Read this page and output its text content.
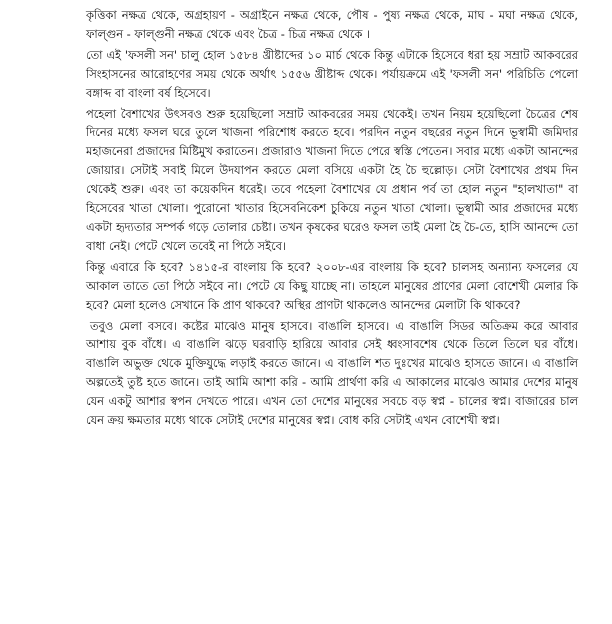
কৃত্তিকা নক্ষত্র থেকে, অগ্রহায়ণ - অগ্রাইনে নক্ষত্র থেকে, পৌষ - পুষ্য নক্ষত্র থেকে, মাঘ - মঘা নক্ষত্র থেকে, ফাল্গুন - ফাল্গুনী নক্ষত্র থেকে এবং চৈত্র - চিত্র নক্ষত্র থেকে ।

তো এই 'ফসলী সন' চালু হোল ১৫৮৪ খ্রীষ্টাব্দের ১০ মার্চ থেকে কিন্তু এটাকে হিসেবে ধরা হয় সম্রাট আকবরের সিংহাসনের আরোহণের সময় থেকে অর্থাৎ ১৫৫৬ খ্রীষ্টাব্দ থেকে। পর্যায়ক্রমে এই 'ফসলী সন' পরিচিতি পেলো বঙ্গাব্দ বা বাংলা বর্ষ হিসেবে।

পহেলা বৈশাখের উৎসবও শুরু হয়েছিলো সম্রাট আকবরের সময় থেকেই। তখন নিয়ম হয়েছিলো চৈত্রের শেষ দিনের মধ্যে ফসল ঘরে তুলে খাজনা পরিশোধ করতে হবে। পরদিন নতুন বছরের নতুন দিনে ভূস্বামী জমিদার মহাজনেরা প্রজাদের মিষ্টিমুখ করাতেন। প্রজারাও খাজনা দিতে পেরে স্বস্তি পেতেন। সবার মধ্যে একটা আনন্দের জোয়ার। সেটাই সবাই মিলে উদযাপন করতে মেলা বসিয়ে একটা হৈ চৈ হুল্লোড়। সেটা বৈশাখের প্রথম দিন থেকেই শুরু। এবং তা কয়েকদিন ধরেই। তবে পহেলা বৈশাখের যে প্রধান পর্ব তা হোল নতুন "হালখাতা" বা হিসেবের খাতা খোলা। পুরোনো খাতার হিসেবনিকেশ চুকিয়ে নতুন খাতা খোলা। ভূস্বামী আর প্রজাদের মধ্যে একটা হৃদ্যতার সম্পর্ক গড়ে তোলার চেষ্টা। তখন কৃষকের ঘরেও ফসল তাই মেলা হৈ চৈ-তে, হাসি আনন্দে তো বাধা নেই। পেটে খেলে তবেই না পিঠে সইবে।

কিন্তু এবারে কি হবে? ১৪১৫-র বাংলায় কি হবে? ২০০৮-এর বাংলায় কি হবে? চালসহ অন্যান্য ফসলের যে আকাল তাতে তো পিঠে সইবে না। পেটে যে কিছু যাচ্ছে না। তাহলে মানুষের প্রাণের মেলা বোশেখী মেলার কি হবে? মেলা হলেও সেখানে কি প্রাণ থাকবে? অস্থির প্রাণটা থাকলেও আনন্দের মেলাটা কি থাকবে?

তবুও মেলা বসবে। কষ্টের মাঝেও মানুষ হাসবে। বাঙালি হাসবে। এ বাঙালি সিডর অতিক্রম করে আবার আশায় বুক বাঁধে। এ বাঙালি ঝড়ে ঘরবাড়ি হারিয়ে আবার সেই ধ্বংসাবশেষ থেকে তিলে তিলে ঘর বাঁধে। বাঙালি অভুক্ত থেকে মুক্তিযুদ্ধে লড়াই করতে জানে। এ বাঙালি শত দুঃখের মাঝেও হাসতে জানে। এ বাঙালি অল্পতেই তুষ্ট হতে জানে। তাই আমি আশা করি - আমি প্রার্থণা করি এ আকালের মাঝেও আমার দেশের মানুষ যেন একটু আশার স্বপন দেখতে পারে। এখন তো দেশের মানুষের সবচে বড় স্বপ্ন - চালের স্বপ্ন। বাজারের চাল যেন ক্রয় ক্ষমতার মধ্যে থাকে সেটাই দেশের মানুষের স্বপ্ন। বোধ করি সেটাই এখন বোশেখী স্বপ্ন।
